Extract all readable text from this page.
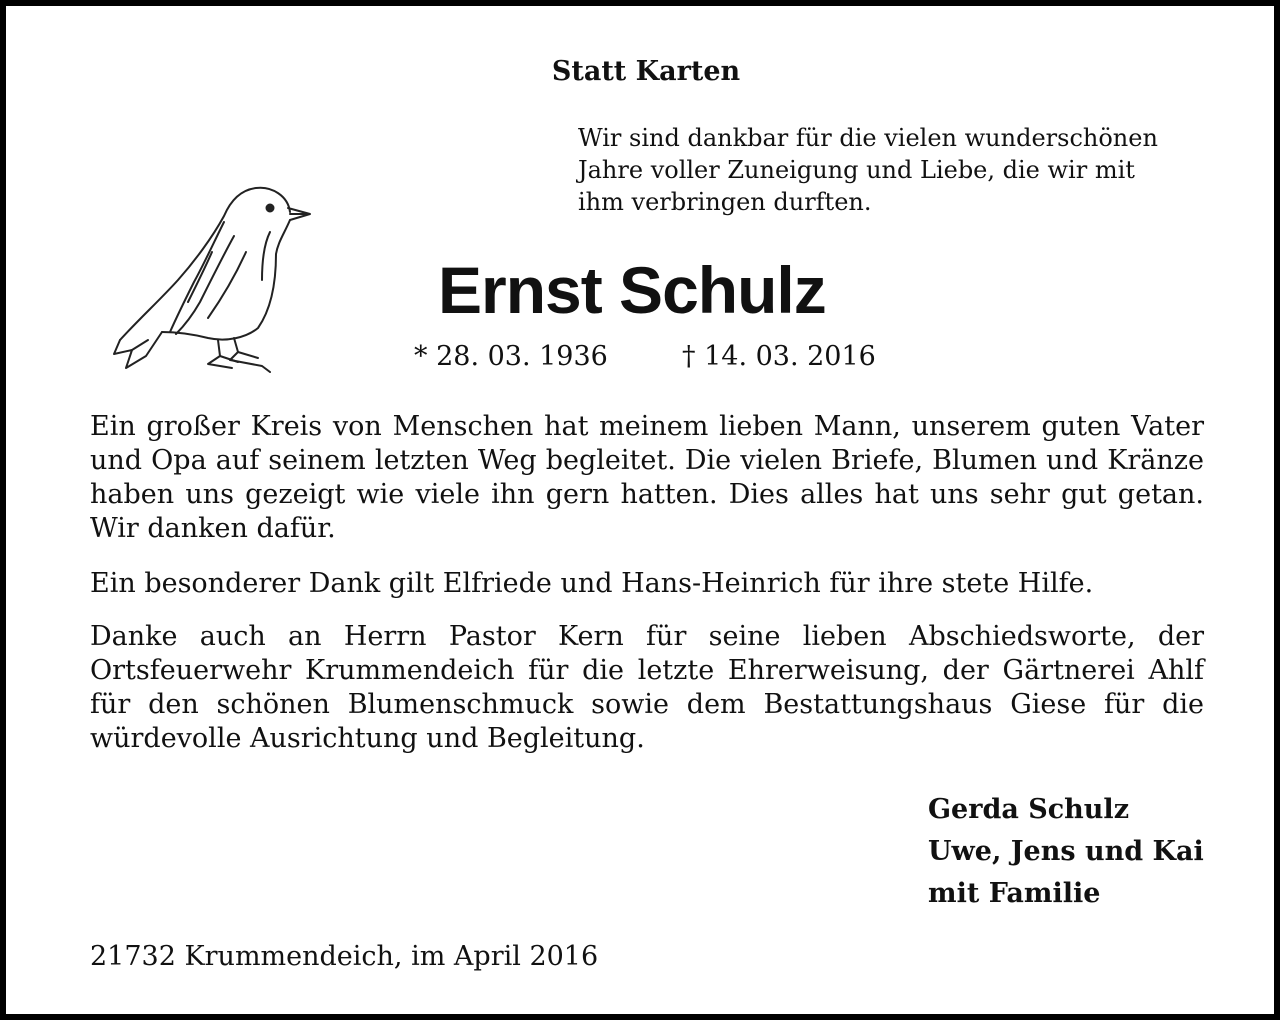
Statt Karten
Wir sind dankbar für die vielen wunderschönen
Jahre voller Zuneigung und Liebe, die wir mit
ihm verbringen durften.
Ernst Schulz
* 28. 03. 1936	† 14. 03. 2016
Ein großer Kreis von Menschen hat meinem lieben Mann, unserem guten Vater und Opa auf seinem letzten Weg begleitet. Die vielen Briefe, Blumen und Kränze haben uns gezeigt wie viele ihn gern hatten. Dies alles hat uns sehr gut getan. Wir danken dafür.
Ein besonderer Dank gilt Elfriede und Hans-Heinrich für ihre stete Hilfe.
Danke auch an Herrn Pastor Kern für seine lieben Abschiedsworte, der Ortsfeuerwehr Krummendeich für die letzte Ehrerweisung, der Gärtnerei Ahlf für den schönen Blumenschmuck sowie dem Bestattungshaus Giese für die würdevolle Ausrichtung und Begleitung.
Gerda Schulz
Uwe, Jens und Kai
mit Familie
21732 Krummendeich, im April 2016
